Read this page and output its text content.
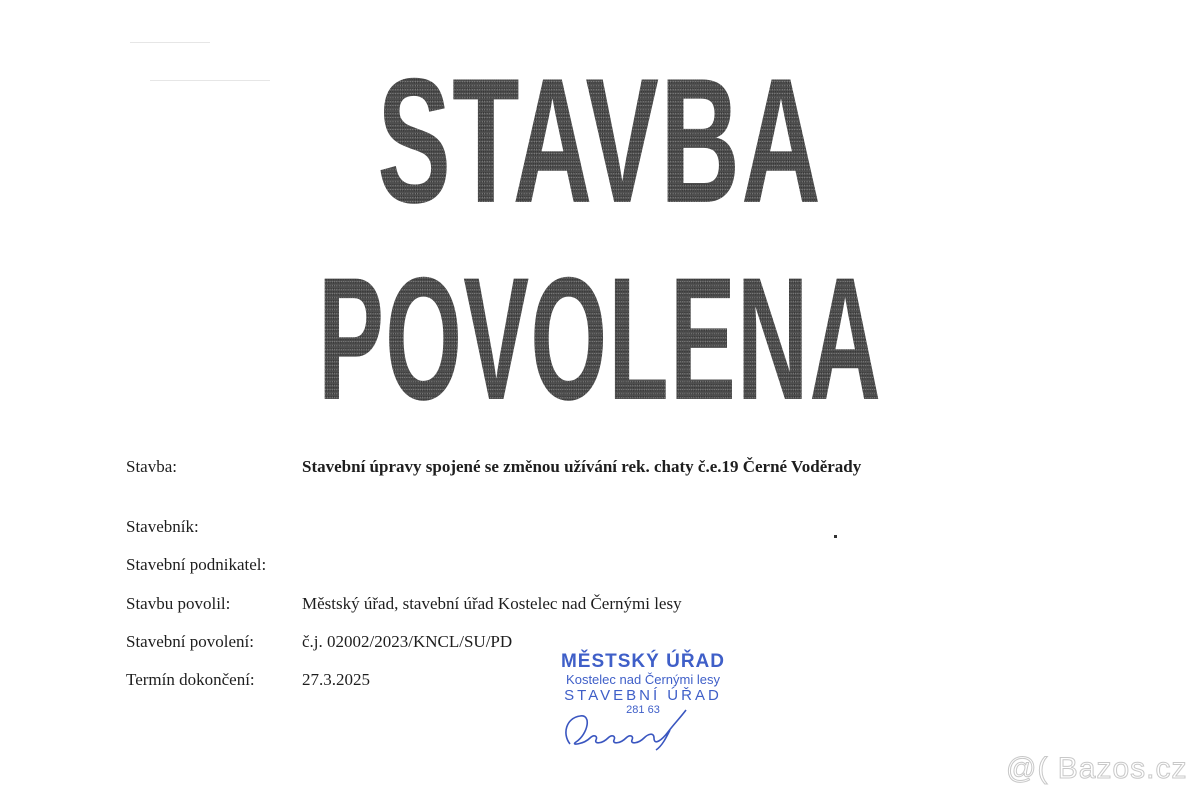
STAVBA
POVOLENA
Stavba:	Stavební úpravy spojené se změnou užívání rek. chaty č.e.19 Černé Voděrady
Stavebník:
Stavební podnikatel:
Stavbu povolil:	Městský úřad, stavební úřad Kostelec nad Černými lesy
Stavební povolení:	č.j. 02002/2023/KNCL/SU/PD
Termín dokončení:	27.3.2025
MĚSTSKÝ ÚŘAD
Kostelec nad Černými lesy
STAVEBNÍ ÚŘAD
281 63
@( Bazos.cz
